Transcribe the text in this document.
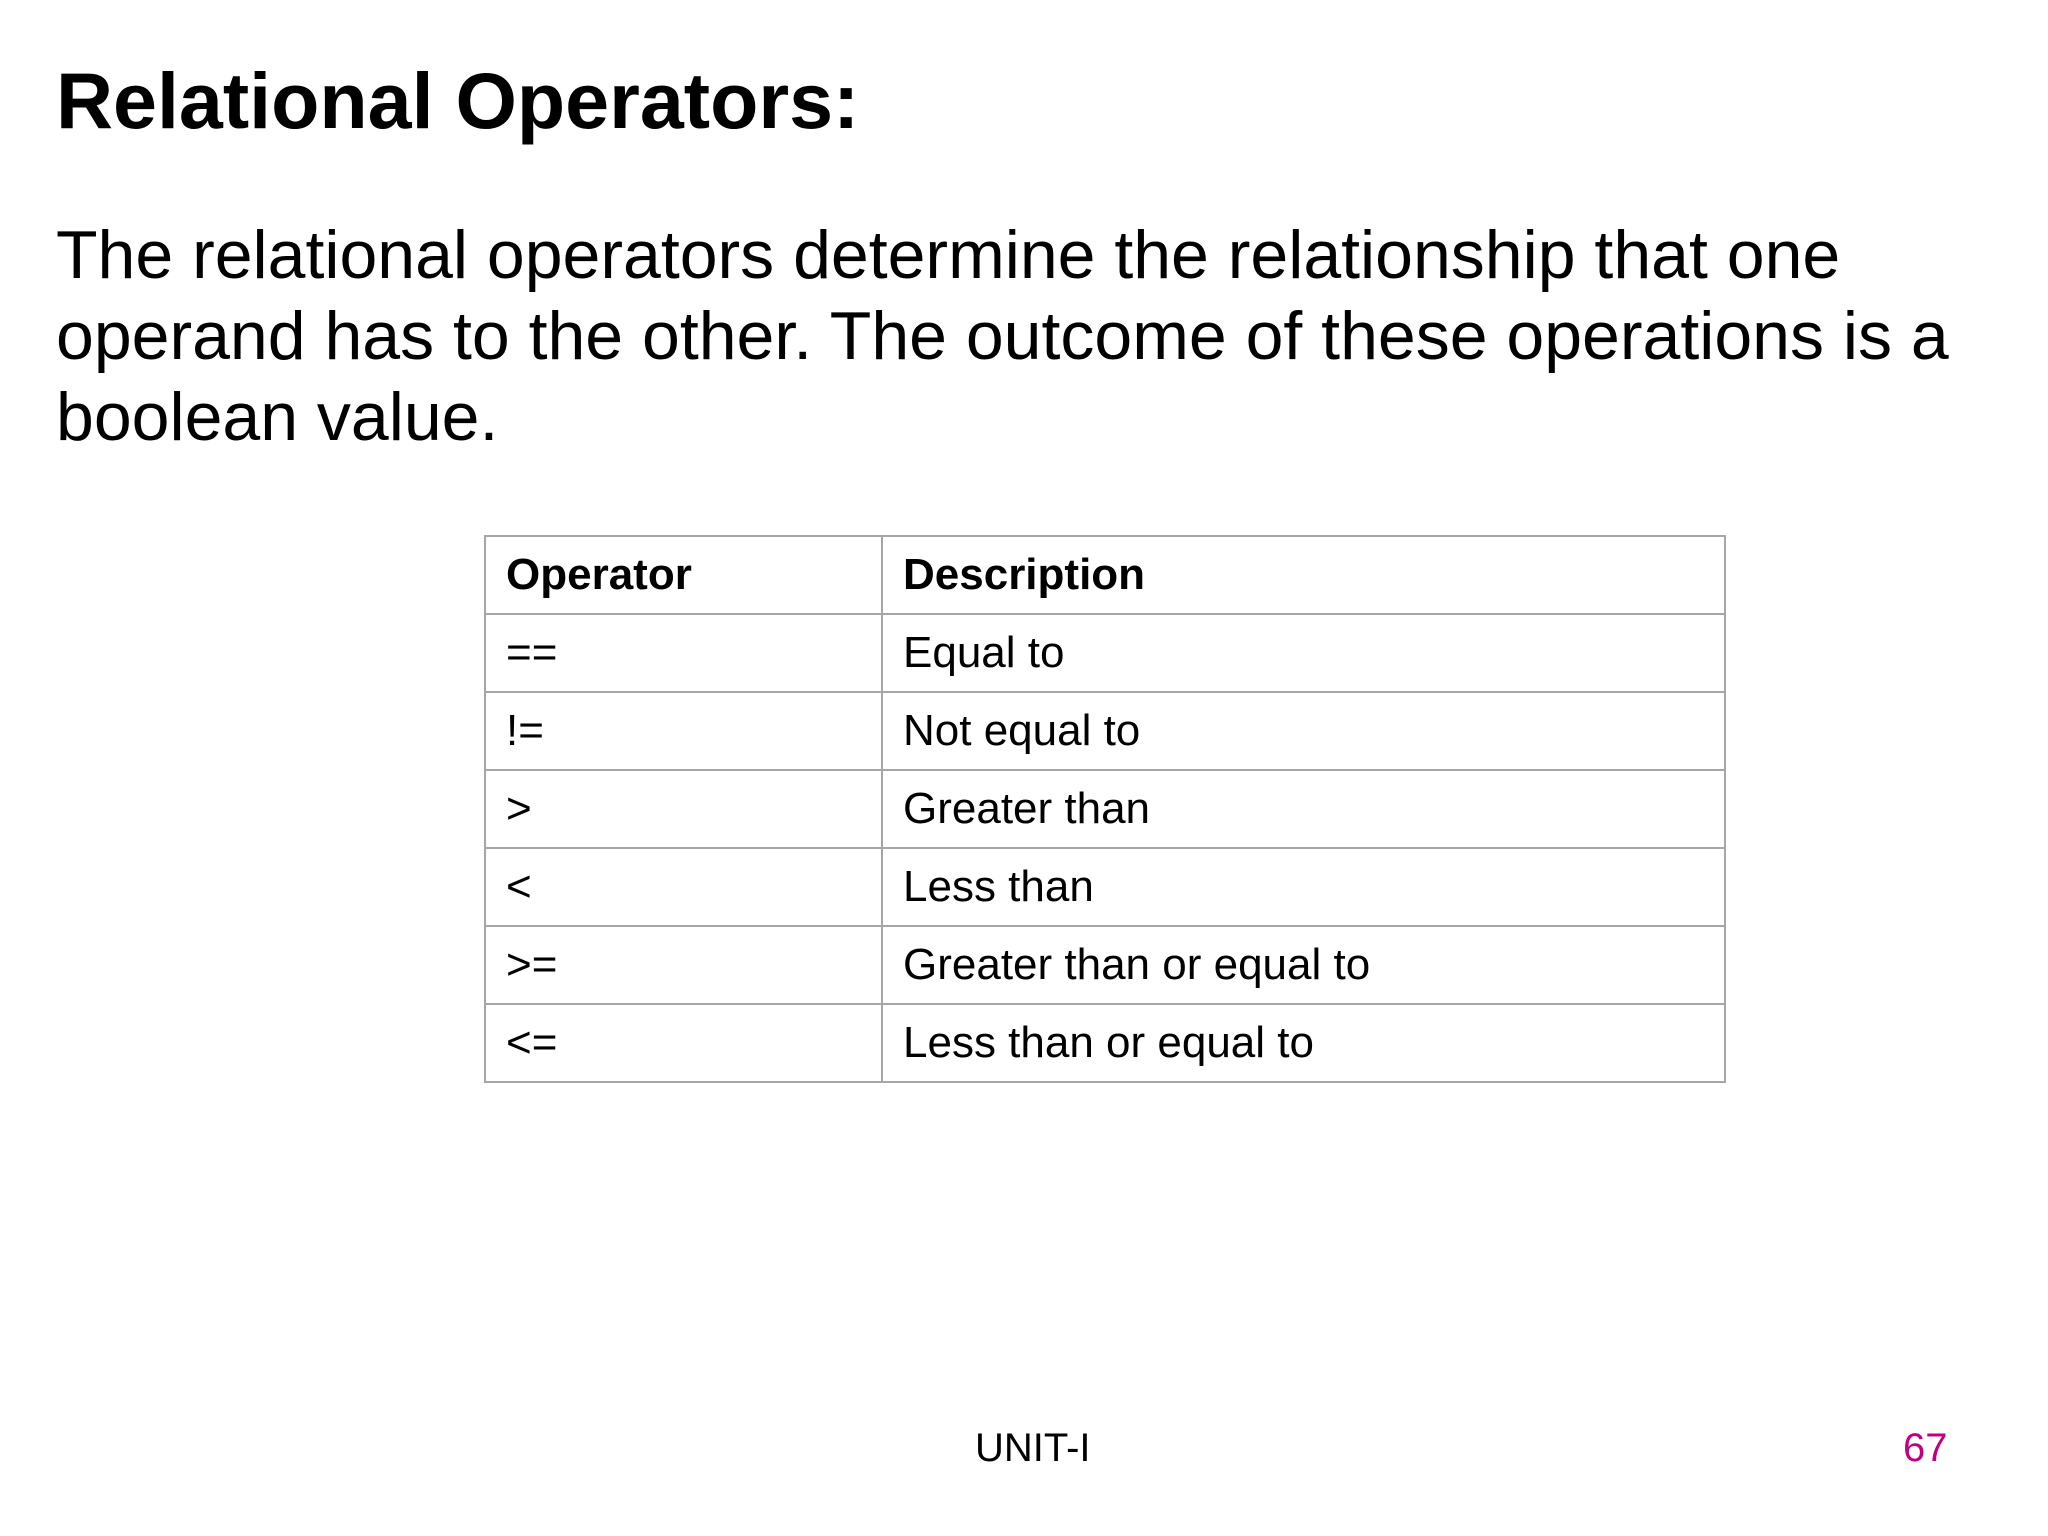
Relational Operators:

The relational operators determine the relationship that one operand has to the other. The outcome of these operations is a boolean value.

Operator	Description
==	Equal to
!=	Not equal to
>	Greater than
<	Less than
>=	Greater than or equal to
<=	Less than or equal to
UNIT-I	67
